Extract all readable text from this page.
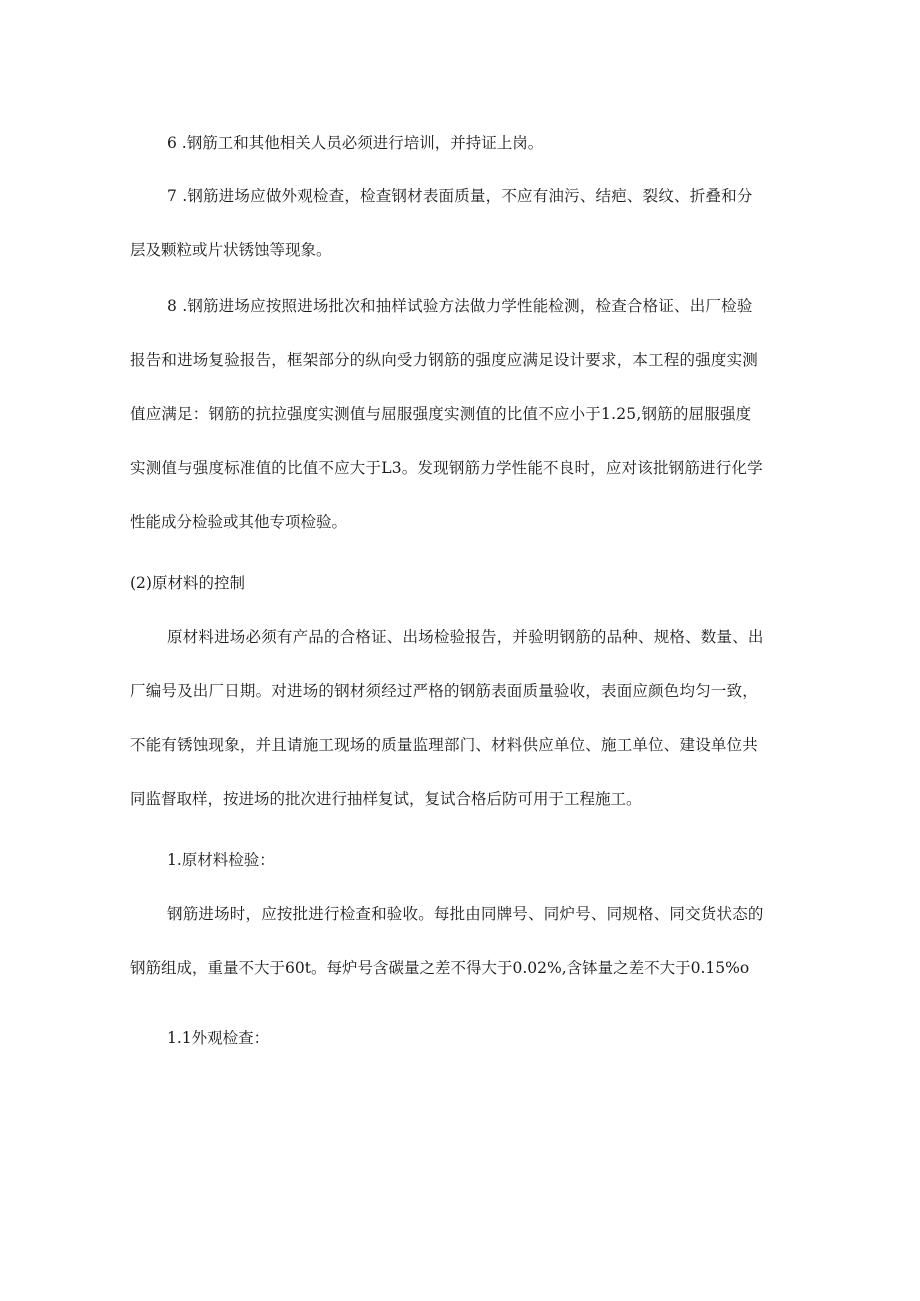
6 .钢筋工和其他相关人员必须进行培训，并持证上岗。
7 .钢筋进场应做外观检查，检查钢材表面质量，不应有油污、结疤、裂纹、折叠和分
层及颗粒或片状锈蚀等现象。
8 .钢筋进场应按照进场批次和抽样试验方法做力学性能检测，检查合格证、出厂检验
报告和进场复验报告，框架部分的纵向受力钢筋的强度应满足设计要求，本工程的强度实测
值应满足：钢筋的抗拉强度实测值与屈服强度实测值的比值不应小于1.25,钢筋的屈服强度
实测值与强度标准值的比值不应大于L3。发现钢筋力学性能不良时，应对该批钢筋进行化学
性能成分检验或其他专项检验。
(2)原材料的控制
原材料进场必须有产品的合格证、出场检验报告，并验明钢筋的品种、规格、数量、出
厂编号及出厂日期。对进场的钢材须经过严格的钢筋表面质量验收，表面应颜色均匀一致，
不能有锈蚀现象，并且请施工现场的质量监理部门、材料供应单位、施工单位、建设单位共
同监督取样，按进场的批次进行抽样复试，复试合格后防可用于工程施工。
1.原材料检验：
钢筋进场时，应按批进行检查和验收。每批由同牌号、同炉号、同规格、同交货状态的
钢筋组成，重量不大于60t。每炉号含碳量之差不得大于0.02%,含钵量之差不大于0.15%o
1.1外观检查：
